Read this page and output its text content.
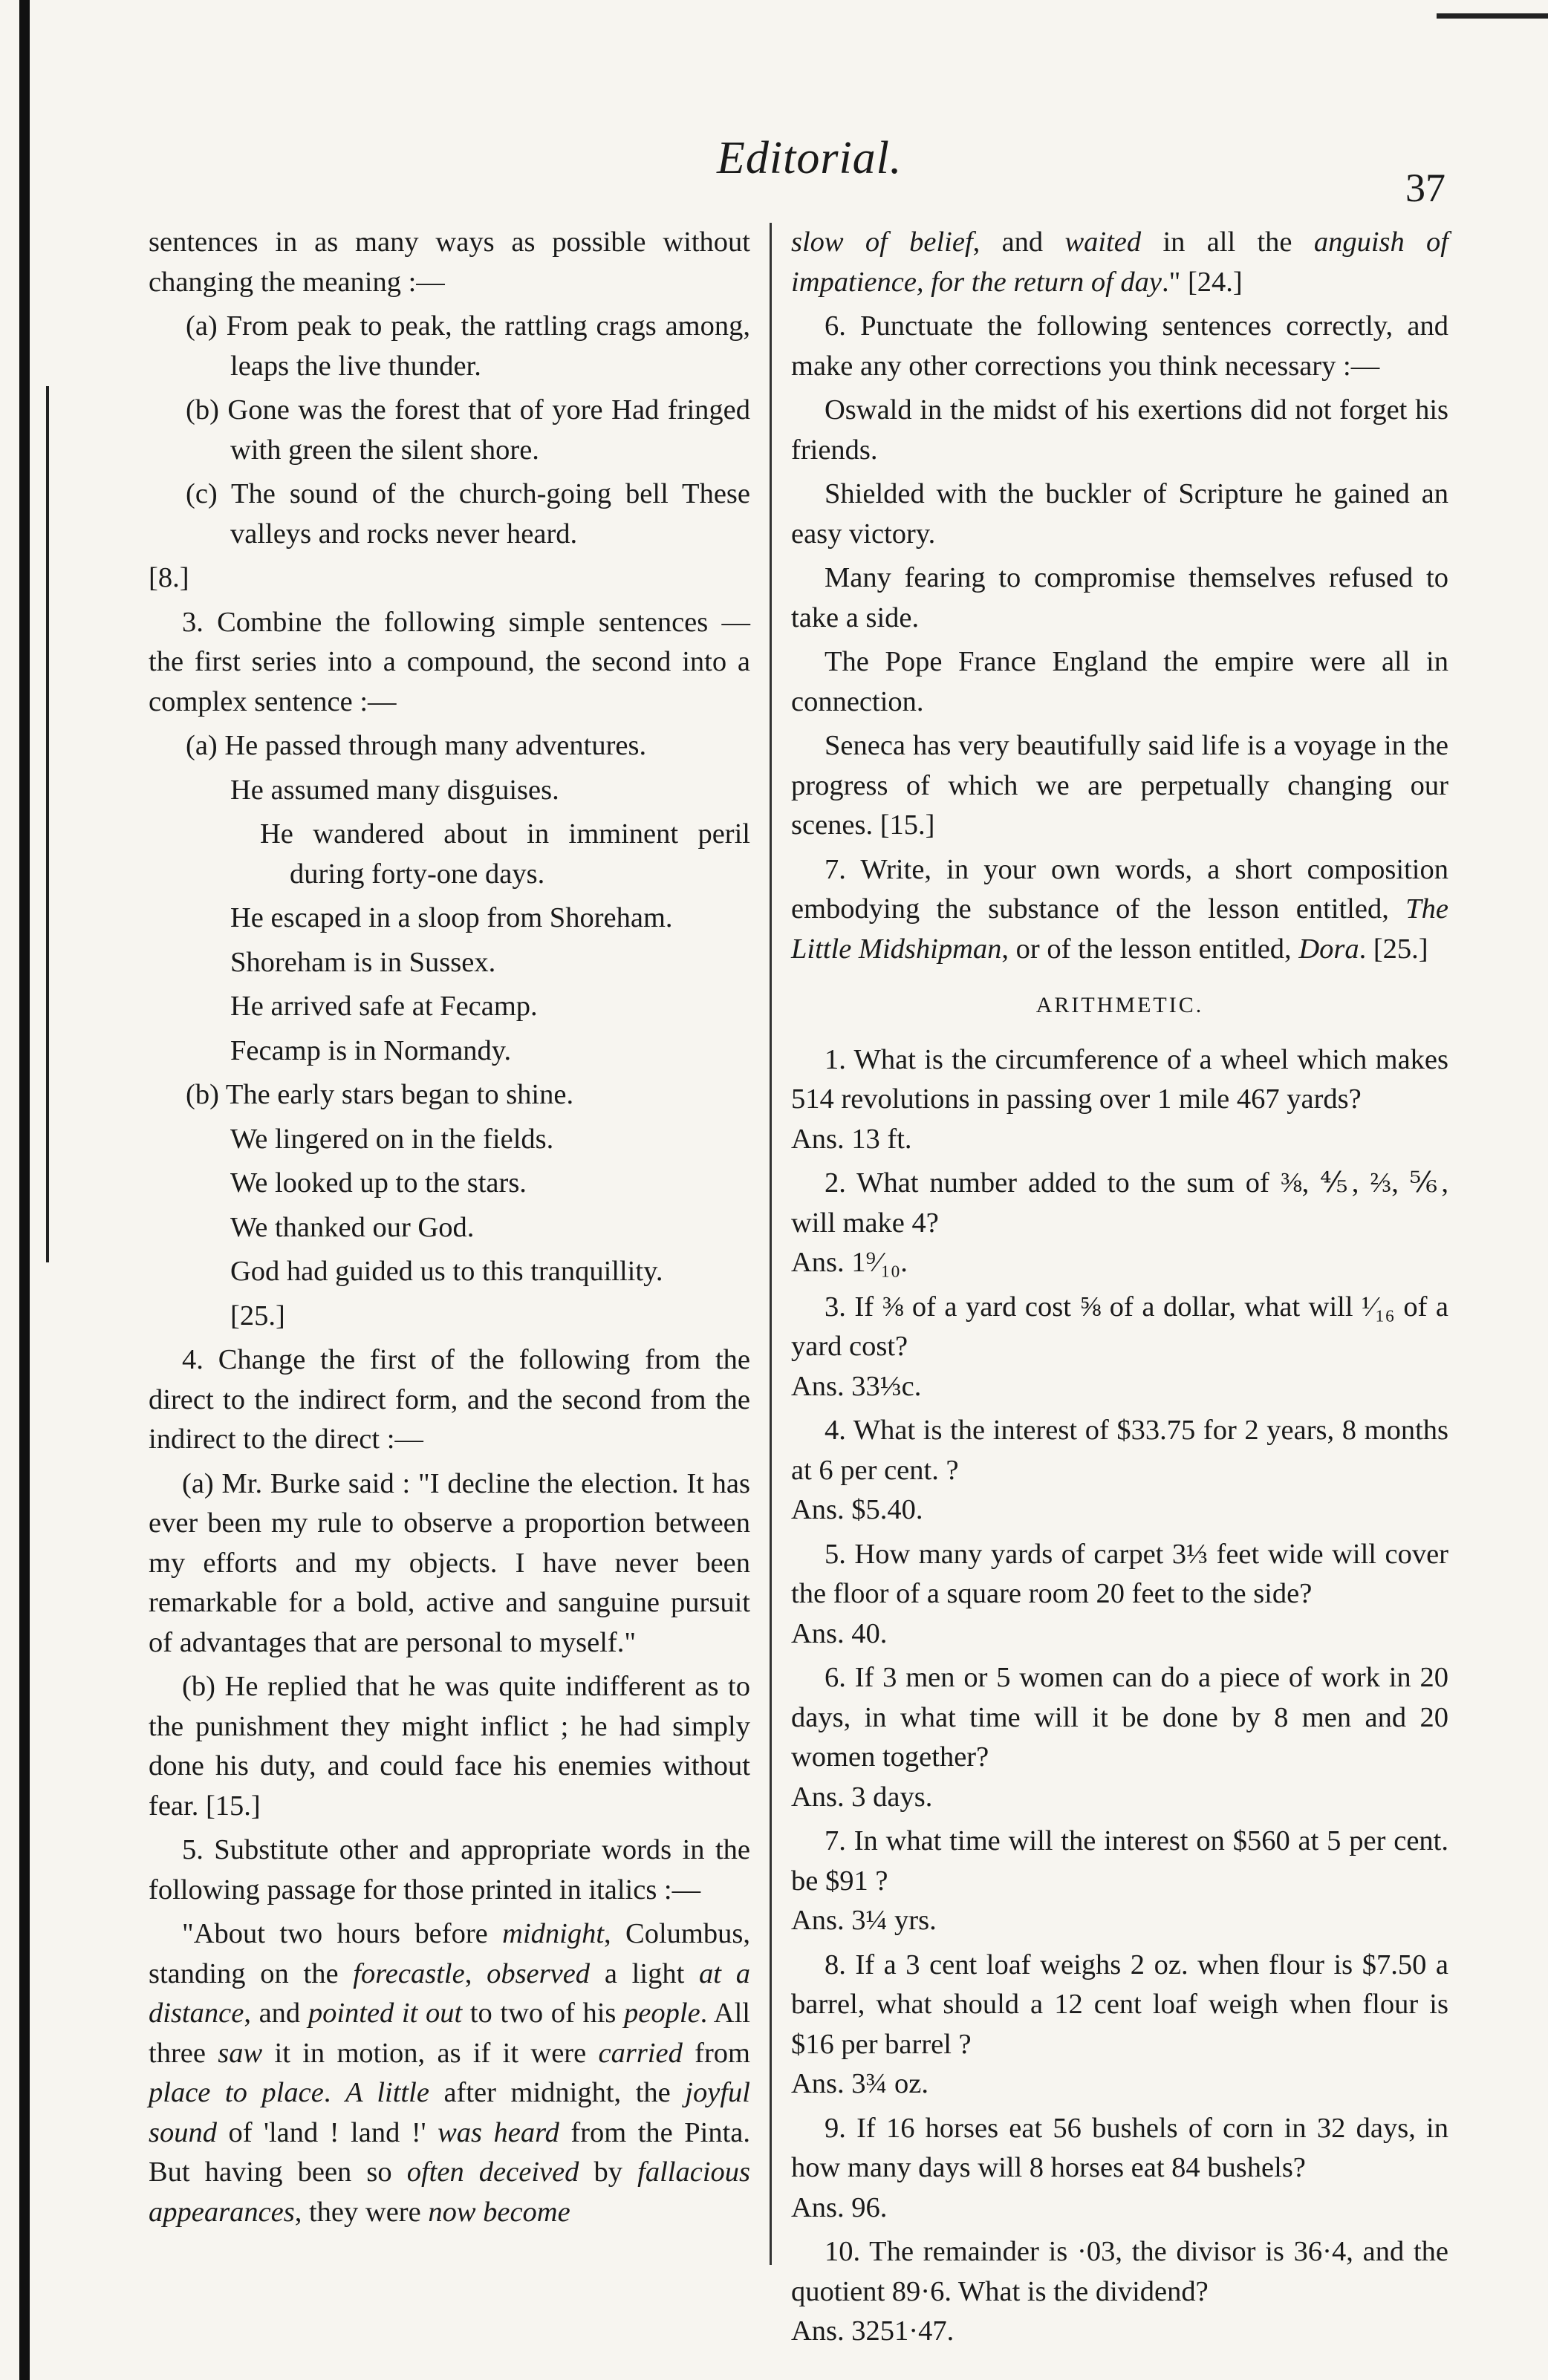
Editorial.
37

sentences in as many ways as possible without changing the meaning :—

(a) From peak to peak, the rattling crags among, leaps the live thunder.

(b) Gone was the forest that of yore Had fringed with green the silent shore.

(c) The sound of the church-going bell These valleys and rocks never heard.

[8.]

3. Combine the following simple sentences — the first series into a compound, the second into a complex sentence :—

(a) He passed through many adventures.

He assumed many disguises.

He wandered about in imminent peril during forty-one days.

He escaped in a sloop from Shoreham.

Shoreham is in Sussex.

He arrived safe at Fecamp.

Fecamp is in Normandy.

(b) The early stars began to shine.

We lingered on in the fields.

We looked up to the stars.

We thanked our God.

God had guided us to this tranquillity.

[25.]

4. Change the first of the following from the direct to the indirect form, and the second from the indirect to the direct :—

(a) Mr. Burke said : "I decline the election. It has ever been my rule to observe a proportion between my efforts and my objects. I have never been remarkable for a bold, active and sanguine pursuit of advantages that are personal to myself."

(b) He replied that he was quite indifferent as to the punishment they might inflict ; he had simply done his duty, and could face his enemies without fear. [15.]

5. Substitute other and appropriate words in the following passage for those printed in italics :—

"About two hours before midnight, Columbus, standing on the forecastle, observed a light at a distance, and pointed it out to two of his people. All three saw it in motion, as if it were carried from place to place. A little after midnight, the joyful sound of 'land ! land !' was heard from the Pinta. But having been so often deceived by fallacious appearances, they were now become

slow of belief, and waited in all the anguish of impatience, for the return of day." [24.]

6. Punctuate the following sentences correctly, and make any other corrections you think necessary :—

Oswald in the midst of his exertions did not forget his friends.

Shielded with the buckler of Scripture he gained an easy victory.

Many fearing to compromise themselves refused to take a side.

The Pope France England the empire were all in connection.

Seneca has very beautifully said life is a voyage in the progress of which we are perpetually changing our scenes. [15.]

7. Write, in your own words, a short composition embodying the substance of the lesson entitled, The Little Midshipman, or of the lesson entitled, Dora. [25.]

ARITHMETIC.

1. What is the circumference of a wheel which makes 514 revolutions in passing over 1 mile 467 yards?

Ans. 13 ft.

2. What number added to the sum of ⅜, ⅘, ⅔, ⅚, will make 4?

Ans. 1⁹⁄₁₀.

3. If ⅜ of a yard cost ⅝ of a dollar, what will ¹⁄₁₆ of a yard cost?

Ans. 33⅓c.

4. What is the interest of $33.75 for 2 years, 8 months at 6 per cent. ?

Ans. $5.40.

5. How many yards of carpet 3⅓ feet wide will cover the floor of a square room 20 feet to the side?

Ans. 40.

6. If 3 men or 5 women can do a piece of work in 20 days, in what time will it be done by 8 men and 20 women together?

Ans. 3 days.

7. In what time will the interest on $560 at 5 per cent. be $91 ?

Ans. 3¼ yrs.

8. If a 3 cent loaf weighs 2 oz. when flour is $7.50 a barrel, what should a 12 cent loaf weigh when flour is $16 per barrel ?

Ans. 3¾ oz.

9. If 16 horses eat 56 bushels of corn in 32 days, in how many days will 8 horses eat 84 bushels?

Ans. 96.

10. The remainder is ·03, the divisor is 36·4, and the quotient 89·6. What is the dividend?

Ans. 3251·47.
